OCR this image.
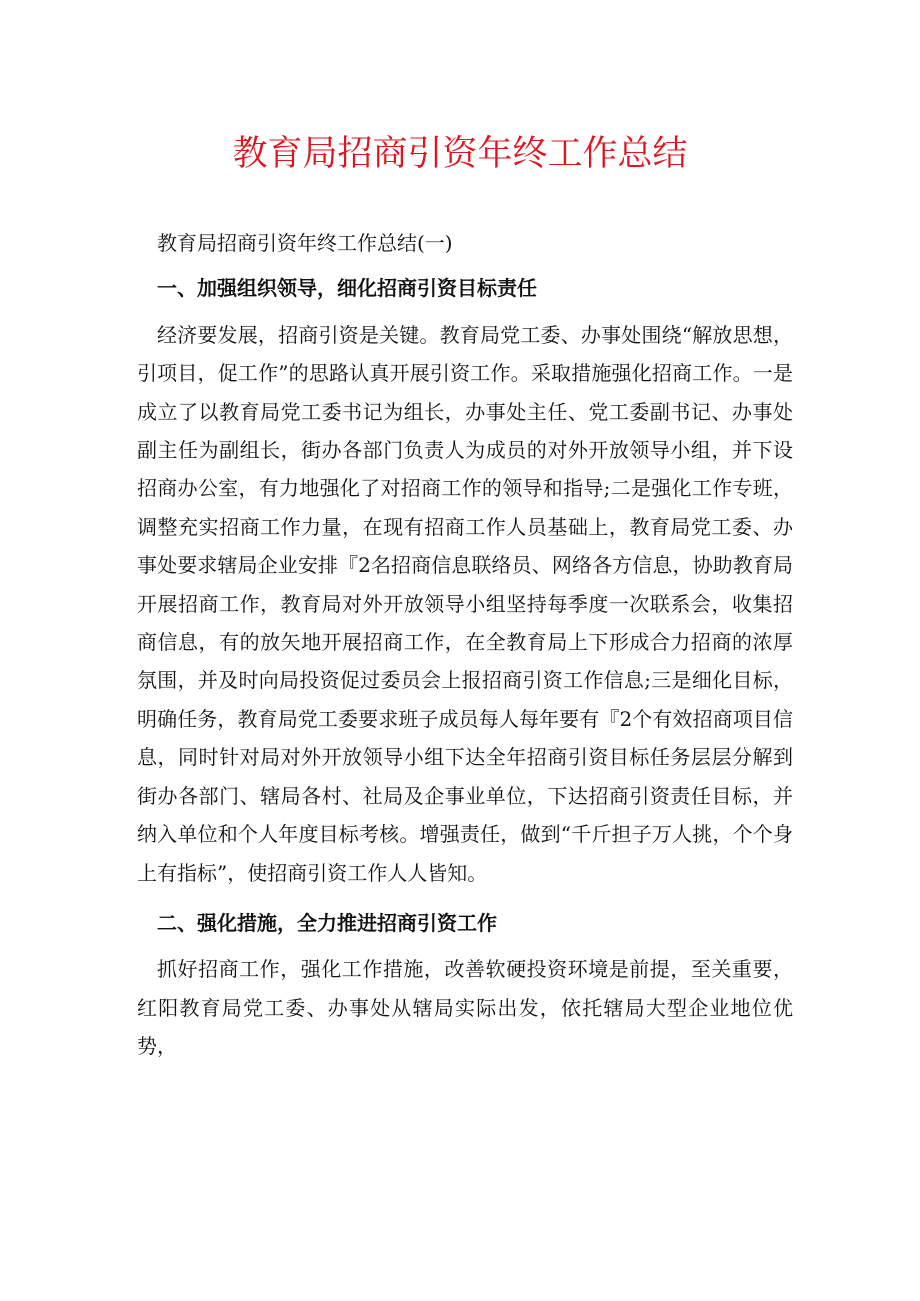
教育局招商引资年终工作总结

教育局招商引资年终工作总结(一)

一、加强组织领导，细化招商引资目标责任

经济要发展，招商引资是关键。教育局党工委、办事处围绕“解放思想，引项目，促工作”的思路认真开展引资工作。采取措施强化招商工作。一是成立了以教育局党工委书记为组长，办事处主任、党工委副书记、办事处副主任为副组长，街办各部门负责人为成员的对外开放领导小组，并下设招商办公室，有力地强化了对招商工作的领导和指导;二是强化工作专班，调整充实招商工作力量，在现有招商工作人员基础上，教育局党工委、办事处要求辖局企业安排『2名招商信息联络员、网络各方信息，协助教育局开展招商工作，教育局对外开放领导小组坚持每季度一次联系会，收集招商信息，有的放矢地开展招商工作，在全教育局上下形成合力招商的浓厚氛围，并及时向局投资促过委员会上报招商引资工作信息;三是细化目标，明确任务，教育局党工委要求班子成员每人每年要有『2个有效招商项目信息，同时针对局对外开放领导小组下达全年招商引资目标任务层层分解到街办各部门、辖局各村、社局及企事业单位，下达招商引资责任目标，并纳入单位和个人年度目标考核。增强责任，做到“千斤担子万人挑，个个身上有指标”，使招商引资工作人人皆知。

二、强化措施，全力推进招商引资工作

抓好招商工作，强化工作措施，改善软硬投资环境是前提，至关重要，红阳教育局党工委、办事处从辖局实际出发，依托辖局大型企业地位优势，
